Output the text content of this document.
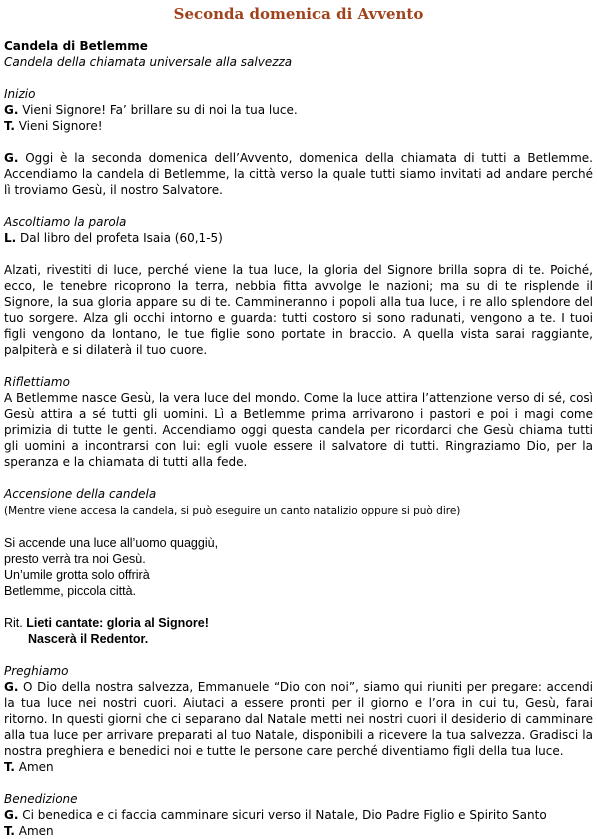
Seconda domenica di Avvento

Candela di Betlemme
Candela della chiamata universale alla salvezza

Inizio
G. Vieni Signore! Fa’ brillare su di noi la tua luce.
T. Vieni Signore!

G. Oggi è la seconda domenica dell’Avvento, domenica della chiamata di tutti a Betlemme. Accendiamo la candela di Betlemme, la città verso la quale tutti siamo invitati ad andare perché lì troviamo Gesù, il nostro Salvatore.

Ascoltiamo la parola
L. Dal libro del profeta Isaia (60,1-5)

Alzati, rivestiti di luce, perché viene la tua luce, la gloria del Signore brilla sopra di te. Poiché, ecco, le tenebre ricoprono la terra, nebbia fitta avvolge le nazioni; ma su di te risplende il Signore, la sua gloria appare su di te. Cammineranno i popoli alla tua luce, i re allo splendore del tuo sorgere. Alza gli occhi intorno e guarda: tutti costoro si sono radunati, vengono a te. I tuoi figli vengono da lontano, le tue figlie sono portate in braccio. A quella vista sarai raggiante, palpiterà e si dilaterà il tuo cuore.

Riflettiamo
A Betlemme nasce Gesù, la vera luce del mondo. Come la luce attira l’attenzione verso di sé, così Gesù attira a sé tutti gli uomini. Lì a Betlemme prima arrivarono i pastori e poi i magi come primizia di tutte le genti. Accendiamo oggi questa candela per ricordarci che Gesù chiama tutti gli uomini a incontrarsi con lui: egli vuole essere il salvatore di tutti. Ringraziamo Dio, per la speranza e la chiamata di tutti alla fede.

Accensione della candela
(Mentre viene accesa la candela, si può eseguire un canto natalizio oppure si può dire)

Si accende una luce all’uomo quaggiù,
presto verrà tra noi Gesù.
Un’umile grotta solo offrirà
Betlemme, piccola città.

Rit. Lieti cantate: gloria al Signore!
Nascerà il Redentor.

Preghiamo
G. O Dio della nostra salvezza, Emmanuele “Dio con noi”, siamo qui riuniti per pregare: accendi la tua luce nei nostri cuori. Aiutaci a essere pronti per il giorno e l’ora in cui tu, Gesù, farai ritorno. In questi giorni che ci separano dal Natale metti nei nostri cuori il desiderio di camminare alla tua luce per arrivare preparati al tuo Natale, disponibili a ricevere la tua salvezza. Gradisci la nostra preghiera e benedici noi e tutte le persone care perché diventiamo figli della tua luce.
T. Amen

Benedizione
G. Ci benedica e ci faccia camminare sicuri verso il Natale, Dio Padre Figlio e Spirito Santo
T. Amen
